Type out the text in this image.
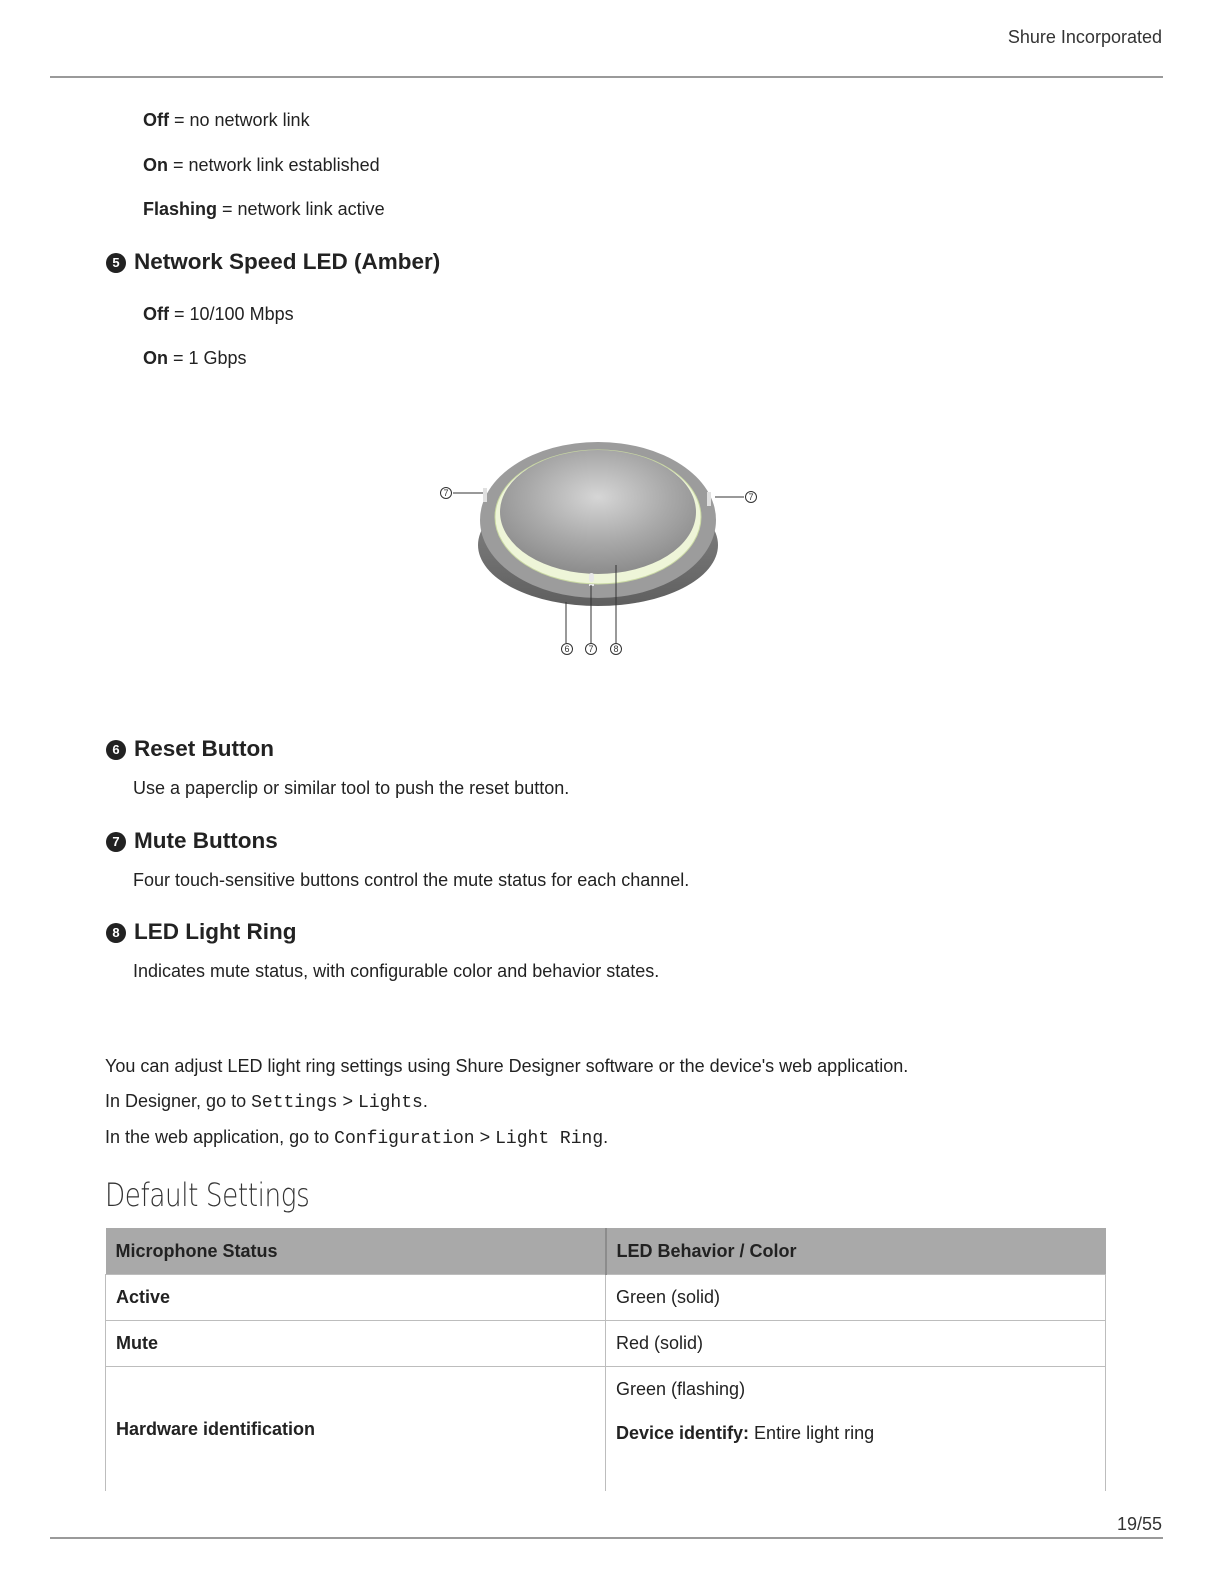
Shure Incorporated
Off = no network link
On = network link established
Flashing = network link active
5 Network Speed LED (Amber)
Off = 10/100 Mbps
On = 1 Gbps
7	7
6 7 8
6 Reset Button
Use a paperclip or similar tool to push the reset button.
7 Mute Buttons
Four touch-sensitive buttons control the mute status for each channel.
8 LED Light Ring
Indicates mute status, with configurable color and behavior states.
You can adjust LED light ring settings using Shure Designer software or the device's web application.
In Designer, go to Settings > Lights.
In the web application, go to Configuration > Light Ring.
Default Settings
Microphone Status	LED Behavior / Color
Active	Green (solid)
Mute	Red (solid)
Hardware identification	Green (flashing)
Device identify: Entire light ring
19/55
